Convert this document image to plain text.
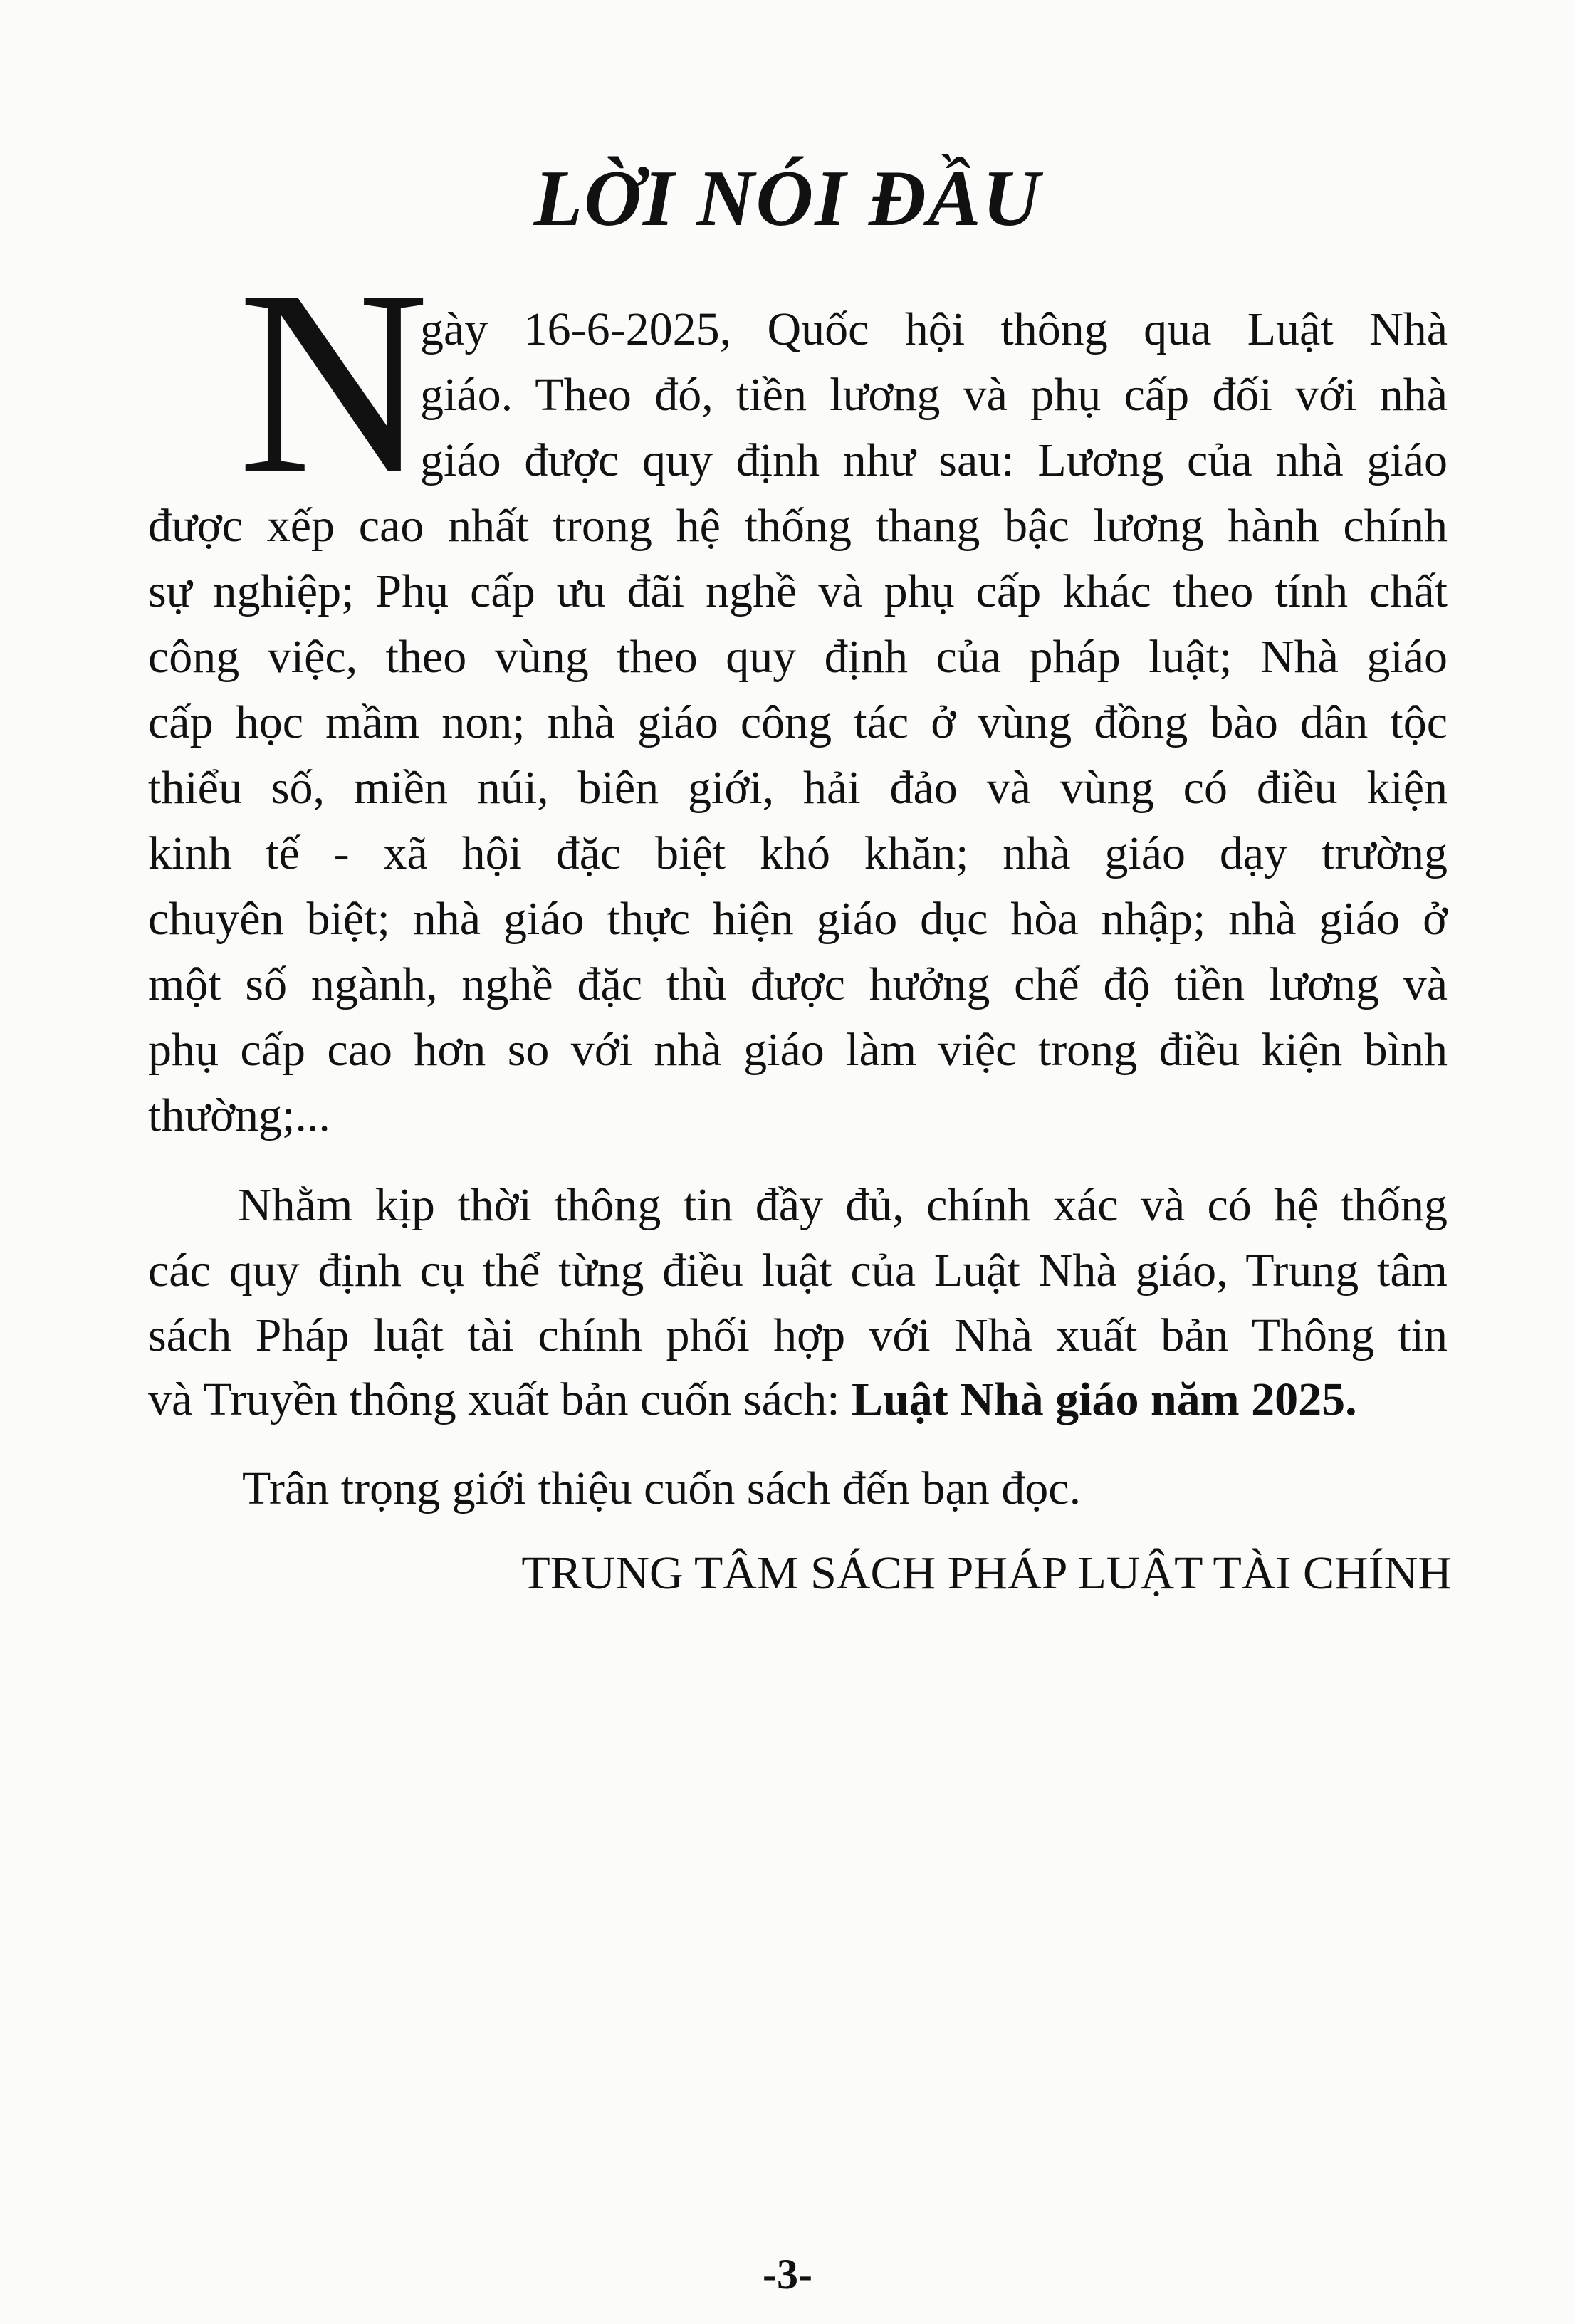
LỜI NÓI ĐẦU
N
gày 16-6-2025, Quốc hội thông qua Luật Nhà
giáo. Theo đó, tiền lương và phụ cấp đối với nhà
giáo được quy định như sau: Lương của nhà giáo
được xếp cao nhất trong hệ thống thang bậc lương hành chính
sự nghiệp; Phụ cấp ưu đãi nghề và phụ cấp khác theo tính chất
công việc, theo vùng theo quy định của pháp luật; Nhà giáo
cấp học mầm non; nhà giáo công tác ở vùng đồng bào dân tộc
thiểu số, miền núi, biên giới, hải đảo và vùng có điều kiện
kinh tế - xã hội đặc biệt khó khăn; nhà giáo dạy trường
chuyên biệt; nhà giáo thực hiện giáo dục hòa nhập; nhà giáo ở
một số ngành, nghề đặc thù được hưởng chế độ tiền lương và
phụ cấp cao hơn so với nhà giáo làm việc trong điều kiện bình
thường;...
Nhằm kịp thời thông tin đầy đủ, chính xác và có hệ thống
các quy định cụ thể từng điều luật của Luật Nhà giáo, Trung tâm
sách Pháp luật tài chính phối hợp với Nhà xuất bản Thông tin
và Truyền thông xuất bản cuốn sách: Luật Nhà giáo năm 2025.
Trân trọng giới thiệu cuốn sách đến bạn đọc.
TRUNG TÂM SÁCH PHÁP LUẬT TÀI CHÍNH
-3-
